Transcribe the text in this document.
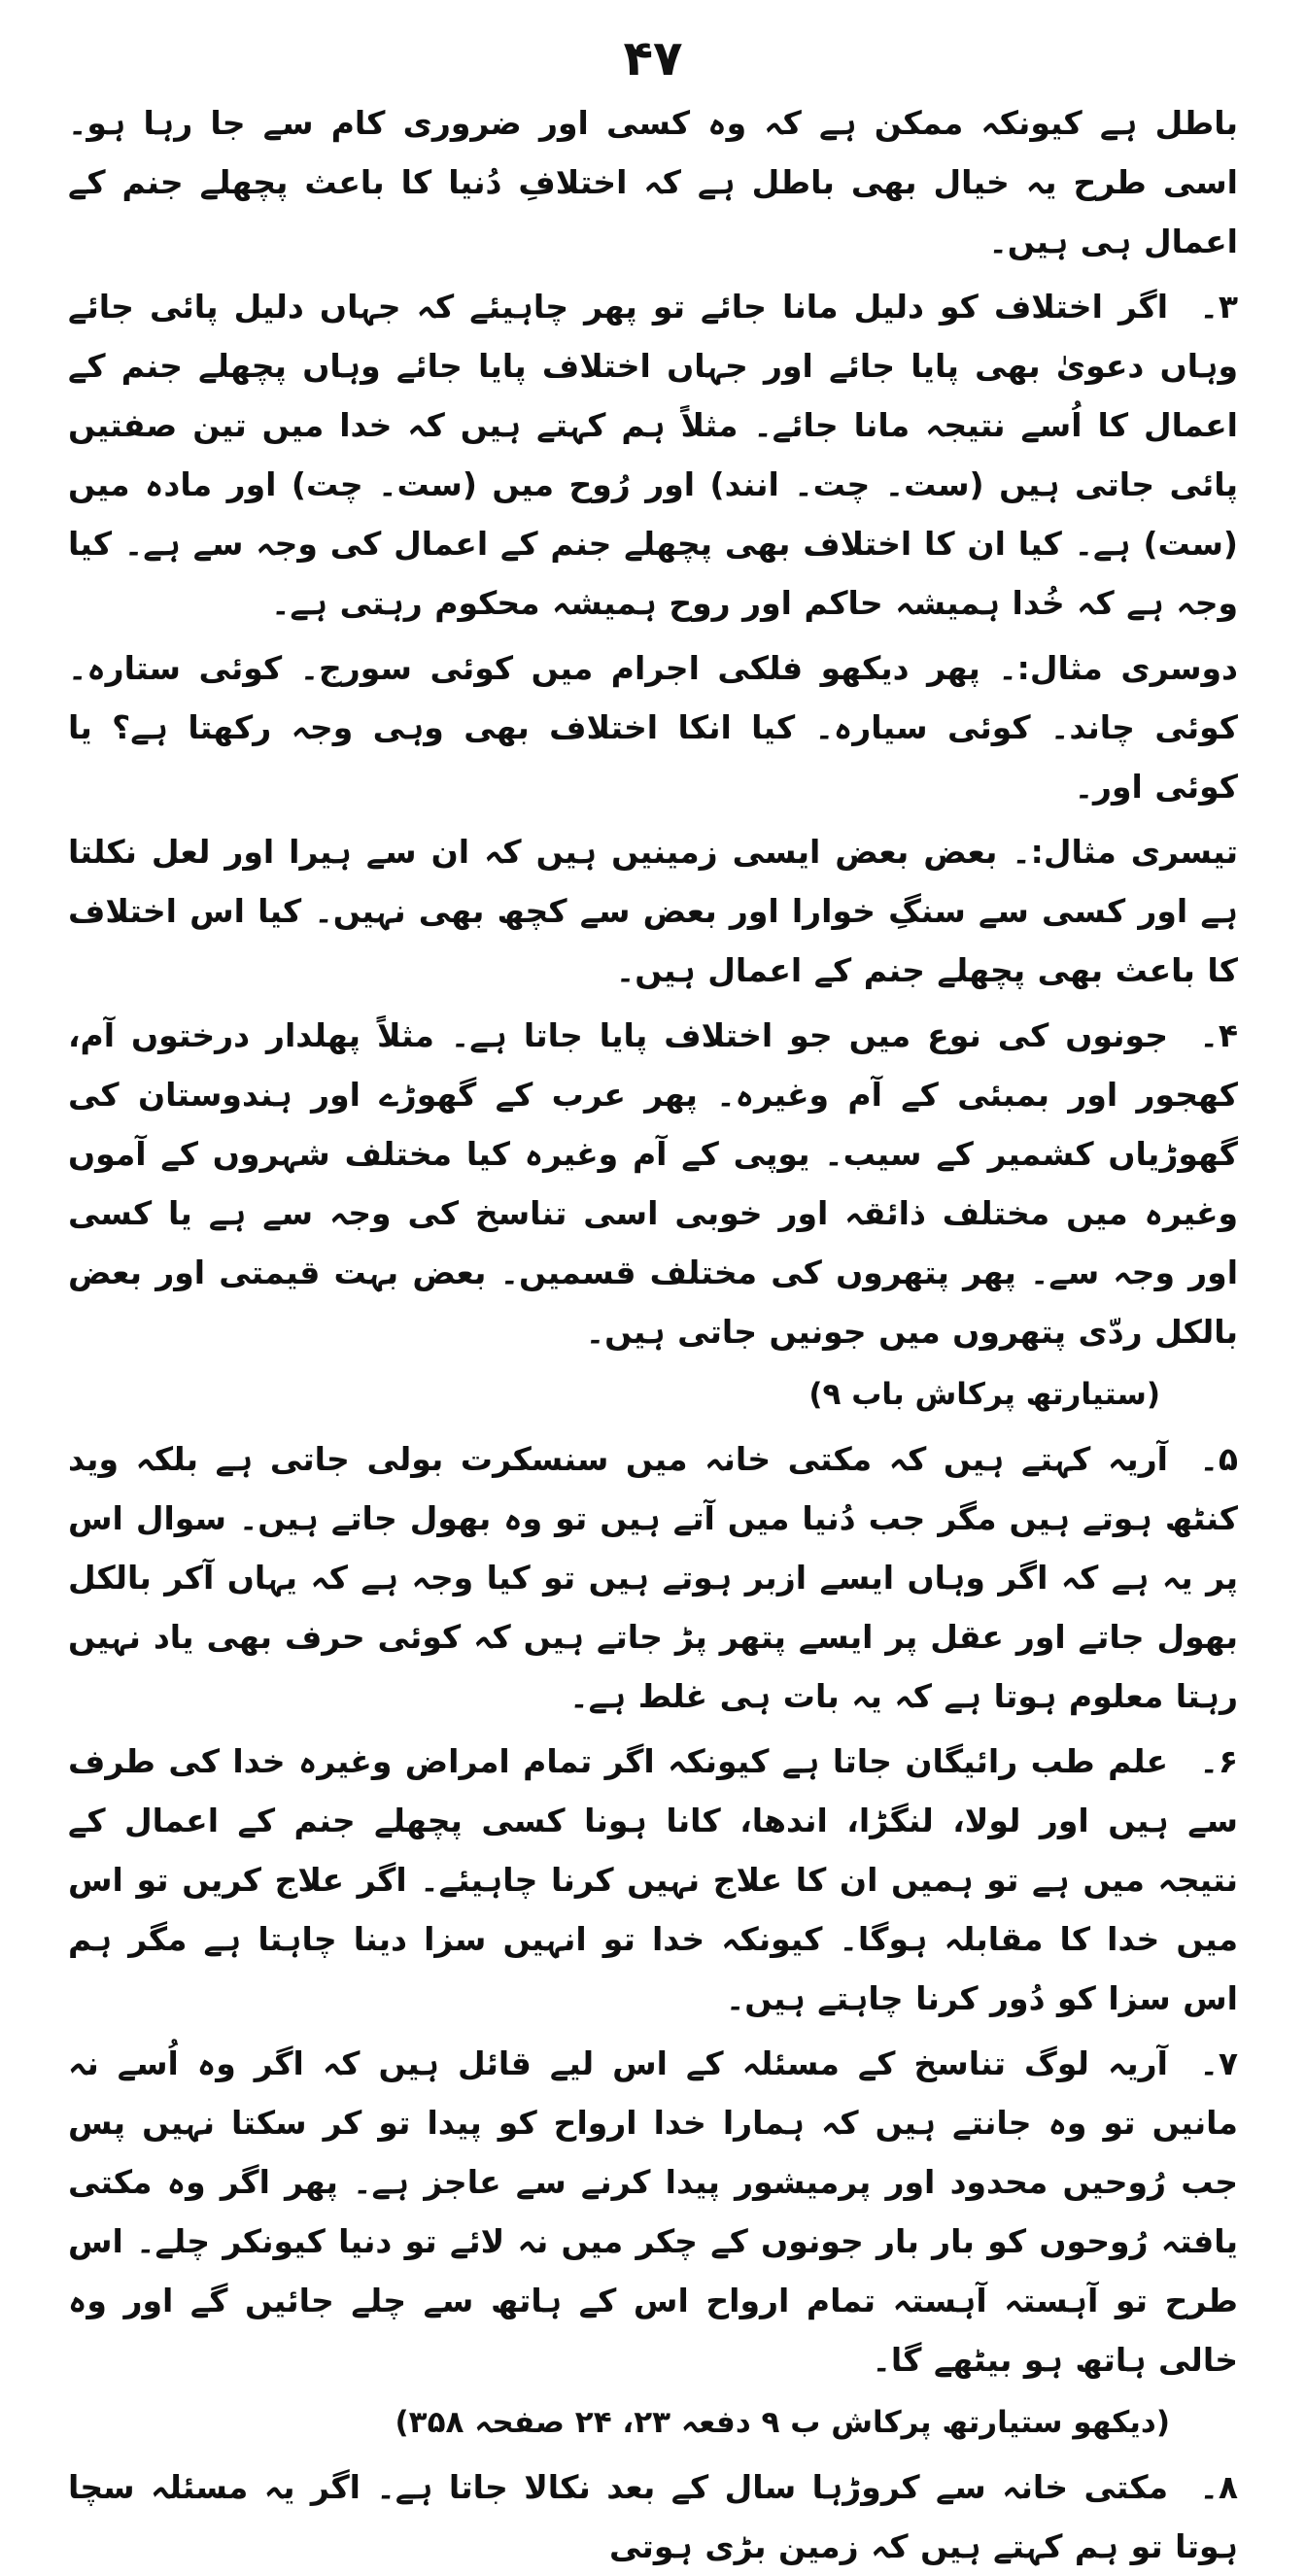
۴۷

باطل ہے کیونکہ ممکن ہے کہ وہ کسی اور ضروری کام سے جا رہا ہو۔ اسی طرح یہ خیال بھی باطل ہے کہ اختلافِ دُنیا کا باعث پچھلے جنم کے اعمال ہی ہیں۔

۳۔اگر اختلاف کو دلیل مانا جائے تو پھر چاہیئے کہ جہاں دلیل پائی جائے وہاں دعویٰ بھی پایا جائے اور جہاں اختلاف پایا جائے وہاں پچھلے جنم کے اعمال کا اُسے نتیجہ مانا جائے۔ مثلاً ہم کہتے ہیں کہ خدا میں تین صفتیں پائی جاتی ہیں (ست۔ چت۔ انند) اور رُوح میں (ست۔ چت) اور مادہ میں (ست) ہے۔ کیا ان کا اختلاف بھی پچھلے جنم کے اعمال کی وجہ سے ہے۔ کیا وجہ ہے کہ خُدا ہمیشہ حاکم اور روح ہمیشہ محکوم رہتی ہے۔

دوسری مثال:۔ پھر دیکھو فلکی اجرام میں کوئی سورج۔ کوئی ستارہ۔ کوئی چاند۔ کوئی سیارہ۔ کیا انکا اختلاف بھی وہی وجہ رکھتا ہے؟ یا کوئی اور۔

تیسری مثال:۔ بعض بعض ایسی زمینیں ہیں کہ ان سے ہیرا اور لعل نکلتا ہے اور کسی سے سنگِ خوارا اور بعض سے کچھ بھی نہیں۔ کیا اس اختلاف کا باعث بھی پچھلے جنم کے اعمال ہیں۔

۴۔جونوں کی نوع میں جو اختلاف پایا جاتا ہے۔ مثلاً پھلدار درختوں آم، کھجور اور بمبئی کے آم وغیرہ۔ پھر عرب کے گھوڑے اور ہندوستان کی گھوڑیاں کشمیر کے سیب۔ یوپی کے آم وغیرہ کیا مختلف شہروں کے آموں وغیرہ میں مختلف ذائقہ اور خوبی اسی تناسخ کی وجہ سے ہے یا کسی اور وجہ سے۔ پھر پتھروں کی مختلف قسمیں۔ بعض بہت قیمتی اور بعض بالکل ردّی پتھروں میں جونیں جاتی ہیں۔

(ستیارتھ پرکاش باب ۹)

۵۔آریہ کہتے ہیں کہ مکتی خانہ میں سنسکرت بولی جاتی ہے بلکہ وید کنٹھ ہوتے ہیں مگر جب دُنیا میں آتے ہیں تو وہ بھول جاتے ہیں۔ سوال اس پر یہ ہے کہ اگر وہاں ایسے ازبر ہوتے ہیں تو کیا وجہ ہے کہ یہاں آکر بالکل بھول جاتے اور عقل پر ایسے پتھر پڑ جاتے ہیں کہ کوئی حرف بھی یاد نہیں رہتا معلوم ہوتا ہے کہ یہ بات ہی غلط ہے۔

۶۔علم طب رائیگان جاتا ہے کیونکہ اگر تمام امراض وغیرہ خدا کی طرف سے ہیں اور لولا، لنگڑا، اندھا، کانا ہونا کسی پچھلے جنم کے اعمال کے نتیجہ میں ہے تو ہمیں ان کا علاج نہیں کرنا چاہیئے۔ اگر علاج کریں تو اس میں خدا کا مقابلہ ہوگا۔ کیونکہ خدا تو انہیں سزا دینا چاہتا ہے مگر ہم اس سزا کو دُور کرنا چاہتے ہیں۔

۷۔آریہ لوگ تناسخ کے مسئلہ کے اس لیے قائل ہیں کہ اگر وہ اُسے نہ مانیں تو وہ جانتے ہیں کہ ہمارا خدا ارواح کو پیدا تو کر سکتا نہیں پس جب رُوحیں محدود اور پرمیشور پیدا کرنے سے عاجز ہے۔ پھر اگر وہ مکتی یافتہ رُوحوں کو بار بار جونوں کے چکر میں نہ لائے تو دنیا کیونکر چلے۔ اس طرح تو آہستہ آہستہ تمام ارواح اس کے ہاتھ سے چلے جائیں گے اور وہ خالی ہاتھ ہو بیٹھے گا۔

(دیکھو ستیارتھ پرکاش ب ۹ دفعہ ۲۳، ۲۴ صفحہ ۳۵۸)

۸۔مکتی خانہ سے کروڑہا سال کے بعد نکالا جاتا ہے۔ اگر یہ مسئلہ سچا ہوتا تو ہم کہتے ہیں کہ زمین بڑی ہوتی
